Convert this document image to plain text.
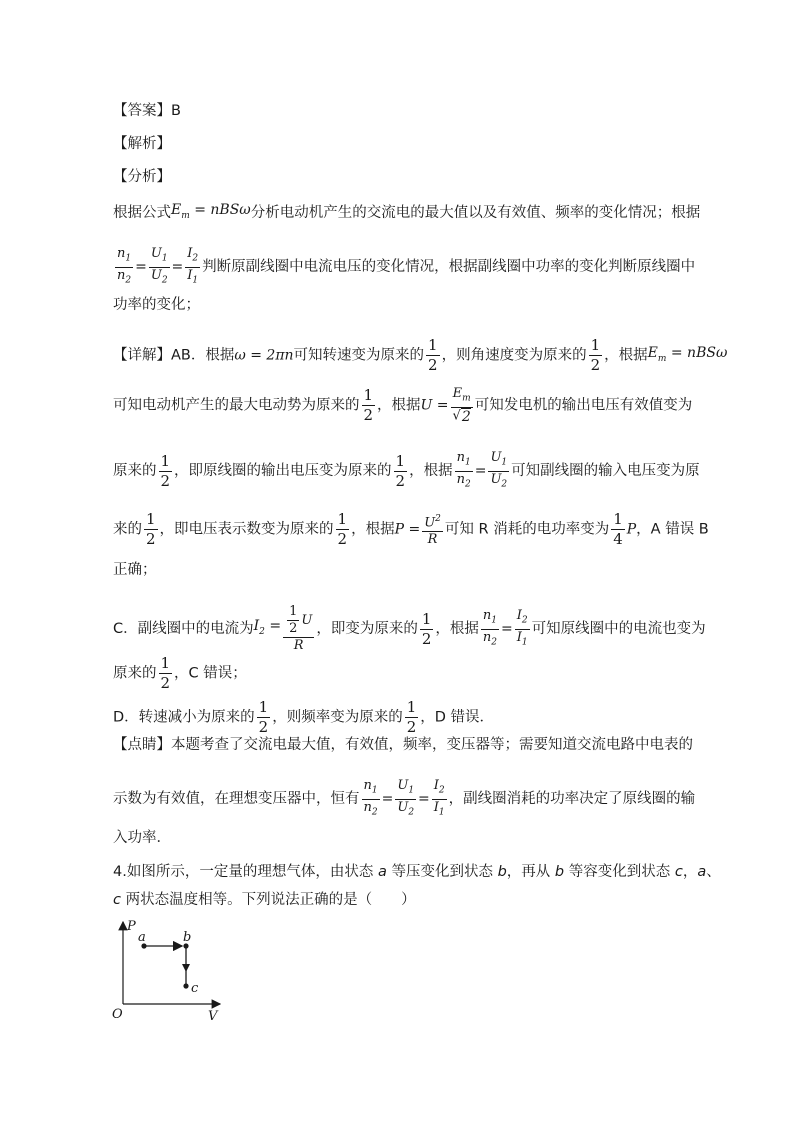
【答案】B
【解析】
【分析】
根据公式$E_m = nBS\omega$分析电动机产生的交流电的最大值以及有效值、频率的变化情况；根据
$\frac{n_1}{n_2} = \frac{U_1}{U_2} = \frac{I_2}{I_1}$ 判断原副线圈中电流电压的变化情况，根据副线圈中功率的变化判断原线圈中
功率的变化；
【详解】AB．根据ω = 2πn可知转速变为原来的 $\frac{1}{2}$ ，则角速度变为原来的 $\frac{1}{2}$ ，根据$E_m = nBS\omega$
可知电动机产生的最大电动势为原来的 $\frac{1}{2}$ ，根据$U = \frac{E_m}{√2}$ 可知发电机的输出电压有效值变为
原来的 $\frac{1}{2}$ ，即原线圈的输出电压变为原来的 $\frac{1}{2}$ ，根据 $\frac{n_1}{n_2} = \frac{U_1}{U_2}$ 可知副线圈的输入电压变为原
来的 $\frac{1}{2}$ ，即电压表示数变为原来的 $\frac{1}{2}$ ，根据$P = \frac{U^2}{R}$ 可知 R 消耗的电功率变为 $\frac{1}{4}$ P，A 错误 B
正确；
C．副线圈中的电流为$I_2 = \frac{\frac{1}{2} U}{R}$ ，即变为原来的 $\frac{1}{2}$ ，根据 $\frac{n_1}{n_2} = \frac{I_2}{I_1}$ 可知原线圈中的电流也变为
原来的 $\frac{1}{2}$ ，C 错误；
D．转速减小为原来的 $\frac{1}{2}$ ，则频率变为原来的 $\frac{1}{2}$ ，D 错误．
【点睛】本题考查了交流电最大值，有效值，频率，变压器等；需要知道交流电路中电表的
示数为有效值，在理想变压器中，恒有 $\frac{n_1}{n_2} = \frac{U_1}{U_2} = \frac{I_2}{I_1}$ ，副线圈消耗的功率决定了原线圈的输
入功率．
4.如图所示，一定量的理想气体，由状态 a 等压变化到状态 b，再从 b 等容变化到状态 c，a、
c 两状态温度相等。下列说法正确的是（　　）
P
V
O
a	b
c
